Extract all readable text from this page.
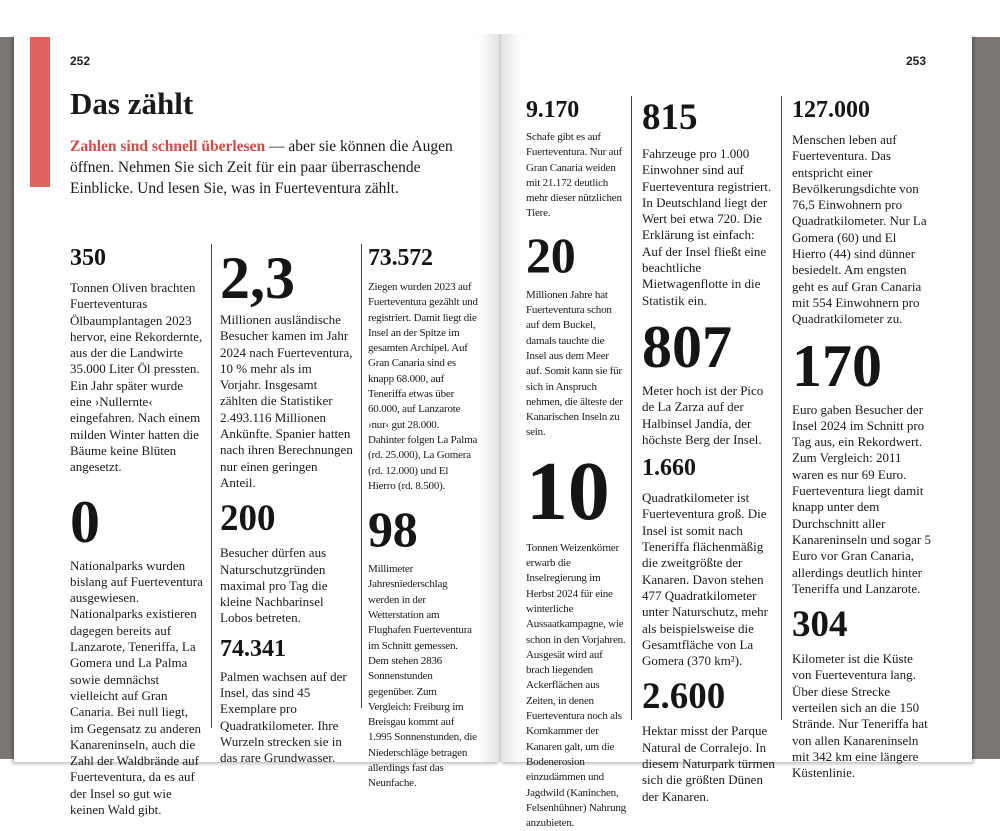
252	253
Das zählt
Zahlen sind schnell überlesen — aber sie können die Augen öffnen. Nehmen Sie sich Zeit für ein paar überraschende Einblicke. Und lesen Sie, was in Fuerteventura zählt.

350

Tonnen Oliven brachten Fuerteventuras Ölbaumplantagen 2023 hervor, eine Rekordernte, aus der die Landwirte 35.000 Liter Öl pressten. Ein Jahr später wurde eine ›Nullernte‹ eingefahren. Nach einem milden Winter hatten die Bäume keine Blüten angesetzt.

0

Nationalparks wurden bislang auf Fuerteventura ausgewiesen. Nationalparks existieren dagegen bereits auf Lanzarote, Teneriffa, La Gomera und La Palma sowie demnächst vielleicht auf Gran Canaria. Bei null liegt, im Gegensatz zu anderen Kanareninseln, auch die Zahl der Waldbrände auf Fuerteventura, da es auf der Insel so gut wie keinen Wald gibt.

2,3

Millionen ausländische Besucher kamen im Jahr 2024 nach Fuerteventura, 10 % mehr als im Vorjahr. Insgesamt zählten die Statistiker 2.493.116 Millionen Ankünfte. Spanier hatten nach ihren Berechnungen nur einen geringen Anteil.

200

Besucher dürfen aus Naturschutzgründen maximal pro Tag die kleine Nachbarinsel Lobos betreten.

74.341

Palmen wachsen auf der Insel, das sind 45 Exemplare pro Quadratkilometer. Ihre Wurzeln strecken sie in das rare Grundwasser.

73.572

Ziegen wurden 2023 auf Fuerteventura gezählt und registriert. Damit liegt die Insel an der Spitze im gesamten Archipel. Auf Gran Canaria sind es knapp 68.000, auf Teneriffa etwas über 60.000, auf Lanzarote ›nur‹ gut 28.000. Dahinter folgen La Palma (rd. 25.000), La Gomera (rd. 12.000) und El Hierro (rd. 8.500).

98

Millimeter Jahresniederschlag werden in der Wetterstation am Flughafen Fuerteventura im Schnitt gemessen. Dem stehen 2836 Sonnenstunden gegenüber. Zum Vergleich: Freiburg im Breisgau kommt auf 1.995 Sonnenstunden, die Niederschläge betragen allerdings fast das Neunfache.

9.170

Schafe gibt es auf Fuerteventura. Nur auf Gran Canaria weiden mit 21.172 deutlich mehr dieser nützlichen Tiere.

20

Millionen Jahre hat Fuerteventura schon auf dem Buckel, damals tauchte die Insel aus dem Meer auf. Somit kann sie für sich in Anspruch nehmen, die älteste der Kanarischen Inseln zu sein.

10

Tonnen Weizenkörner erwarb die Inselregierung im Herbst 2024 für eine winterliche Aussaatkampagne, wie schon in den Vorjahren. Ausgesät wird auf brach liegenden Ackerflächen aus Zeiten, in denen Fuerteventura noch als Kornkammer der Kanaren galt, um die Bodenerosion einzudämmen und Jagdwild (Kaninchen, Felsenhühner) Nahrung anzubieten.

815

Fahrzeuge pro 1.000 Einwohner sind auf Fuerteventura registriert. In Deutschland liegt der Wert bei etwa 720. Die Erklärung ist einfach: Auf der Insel fließt eine beachtliche Mietwagenflotte in die Statistik ein.

807

Meter hoch ist der Pico de La Zarza auf der Halbinsel Jandía, der höchste Berg der Insel.

1.660

Quadratkilometer ist Fuerteventura groß. Die Insel ist somit nach Teneriffa flächenmäßig die zweitgrößte der Kanaren. Davon stehen 477 Quadratkilometer unter Naturschutz, mehr als beispielsweise die Gesamtfläche von La Gomera (370 km²).

2.600

Hektar misst der Parque Natural de Corralejo. In diesem Naturpark türmen sich die größten Dünen der Kanaren.

127.000

Menschen leben auf Fuerteventura. Das entspricht einer Bevölkerungsdichte von 76,5 Einwohnern pro Quadratkilometer. Nur La Gomera (60) und El Hierro (44) sind dünner besiedelt. Am engsten geht es auf Gran Canaria mit 554 Einwohnern pro Quadratkilometer zu.

170

Euro gaben Besucher der Insel 2024 im Schnitt pro Tag aus, ein Rekordwert. Zum Vergleich: 2011 waren es nur 69 Euro. Fuerteventura liegt damit knapp unter dem Durchschnitt aller Kanareninseln und sogar 5 Euro vor Gran Canaria, allerdings deutlich hinter Teneriffa und Lanzarote.

304

Kilometer ist die Küste von Fuerteventura lang. Über diese Strecke verteilen sich an die 150 Strände. Nur Teneriffa hat von allen Kanareninseln mit 342 km eine längere Küstenlinie.
